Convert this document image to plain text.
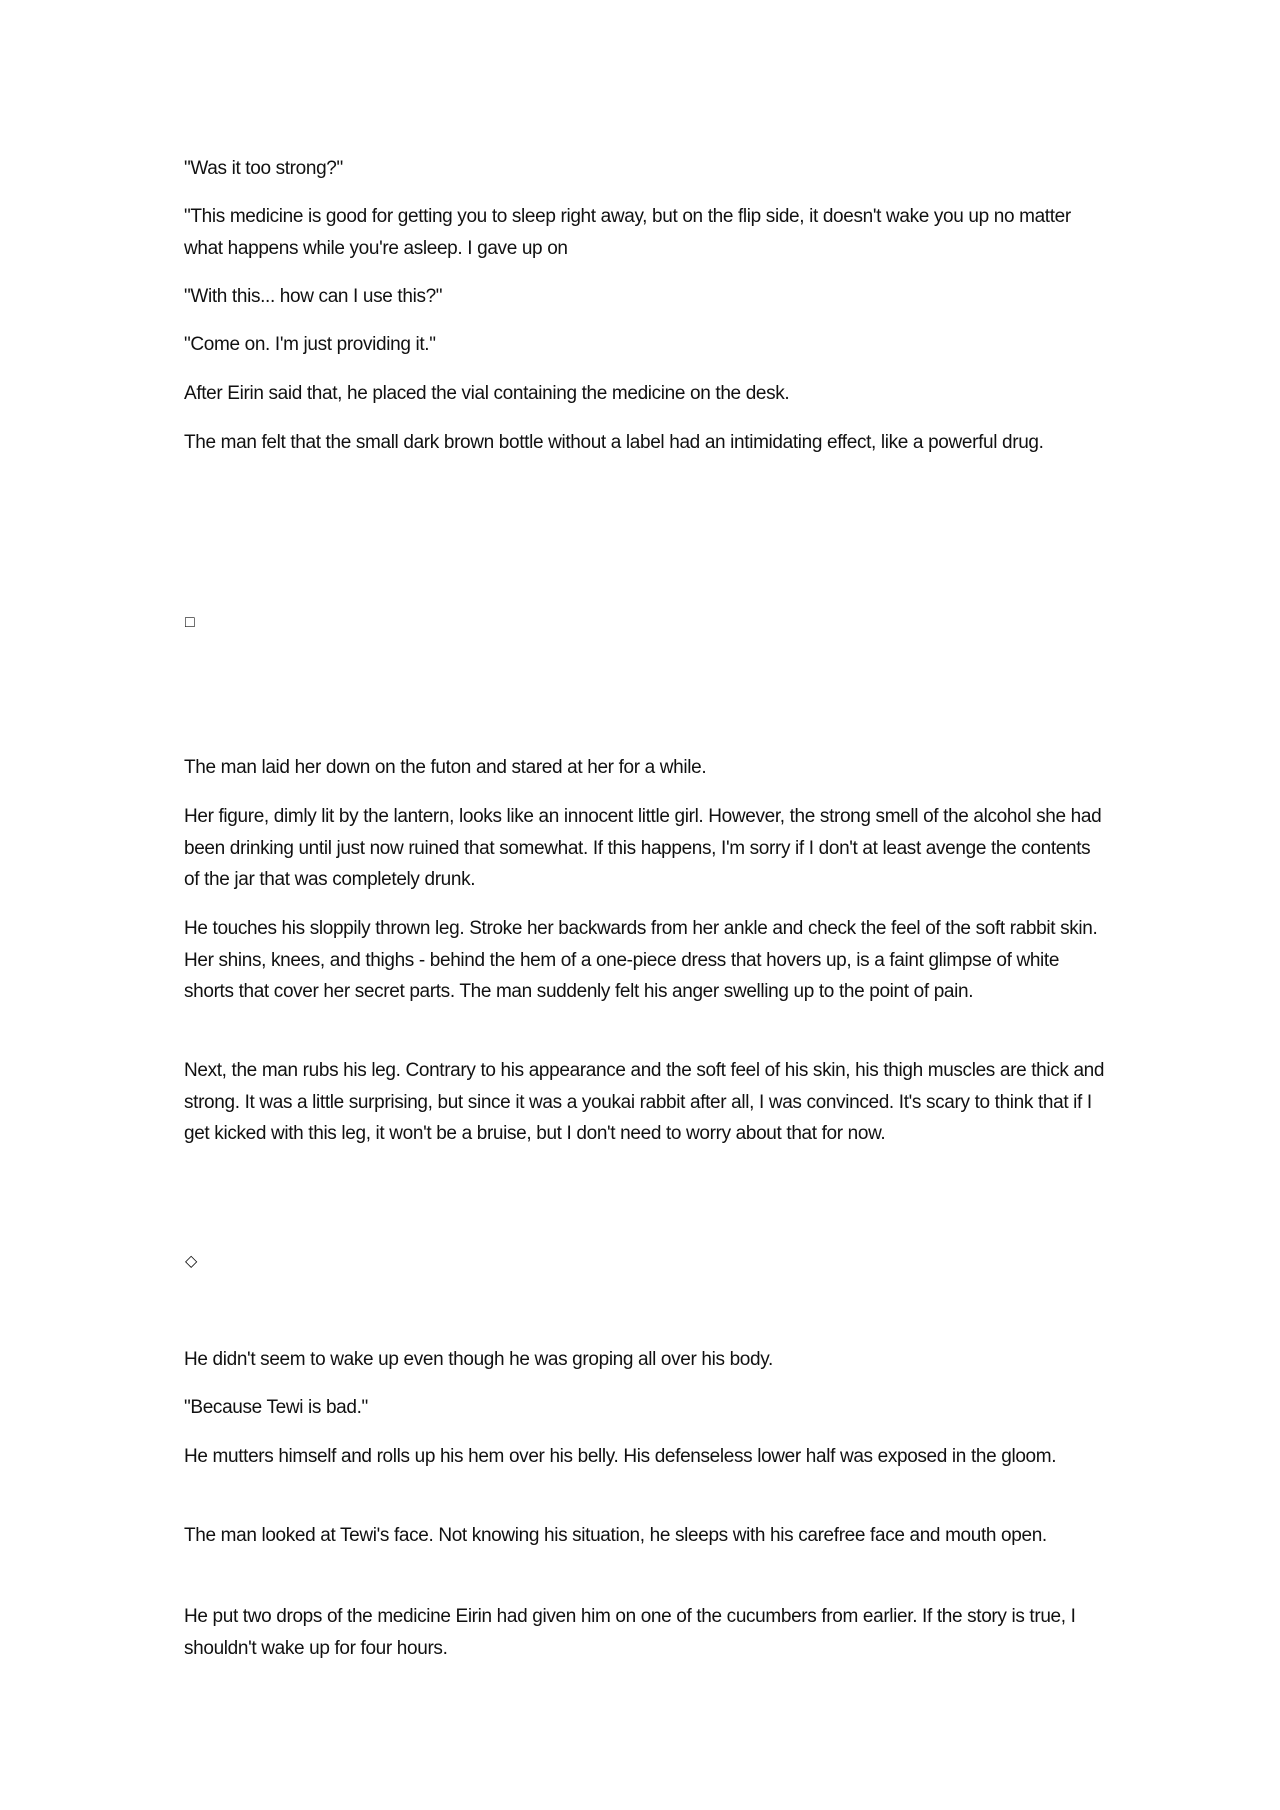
"Was it too strong?"

"This medicine is good for getting you to sleep right away, but on the flip side, it doesn't wake you up no matter what happens while you're asleep. I gave up on

"With this... how can I use this?"

"Come on. I'm just providing it."

After Eirin said that, he placed the vial containing the medicine on the desk.

The man felt that the small dark brown bottle without a label had an intimidating effect, like a powerful drug.

□

The man laid her down on the futon and stared at her for a while.

Her figure, dimly lit by the lantern, looks like an innocent little girl. However, the strong smell of the alcohol she had been drinking until just now ruined that somewhat. If this happens, I'm sorry if I don't at least avenge the contents of the jar that was completely drunk.

He touches his sloppily thrown leg. Stroke her backwards from her ankle and check the feel of the soft rabbit skin. Her shins, knees, and thighs - behind the hem of a one-piece dress that hovers up, is a faint glimpse of white shorts that cover her secret parts. The man suddenly felt his anger swelling up to the point of pain.

Next, the man rubs his leg. Contrary to his appearance and the soft feel of his skin, his thigh muscles are thick and strong. It was a little surprising, but since it was a youkai rabbit after all, I was convinced. It's scary to think that if I get kicked with this leg, it won't be a bruise, but I don't need to worry about that for now.

◇

He didn't seem to wake up even though he was groping all over his body.

"Because Tewi is bad."

He mutters himself and rolls up his hem over his belly. His defenseless lower half was exposed in the gloom.

The man looked at Tewi's face. Not knowing his situation, he sleeps with his carefree face and mouth open.

He put two drops of the medicine Eirin had given him on one of the cucumbers from earlier. If the story is true, I shouldn't wake up for four hours.
